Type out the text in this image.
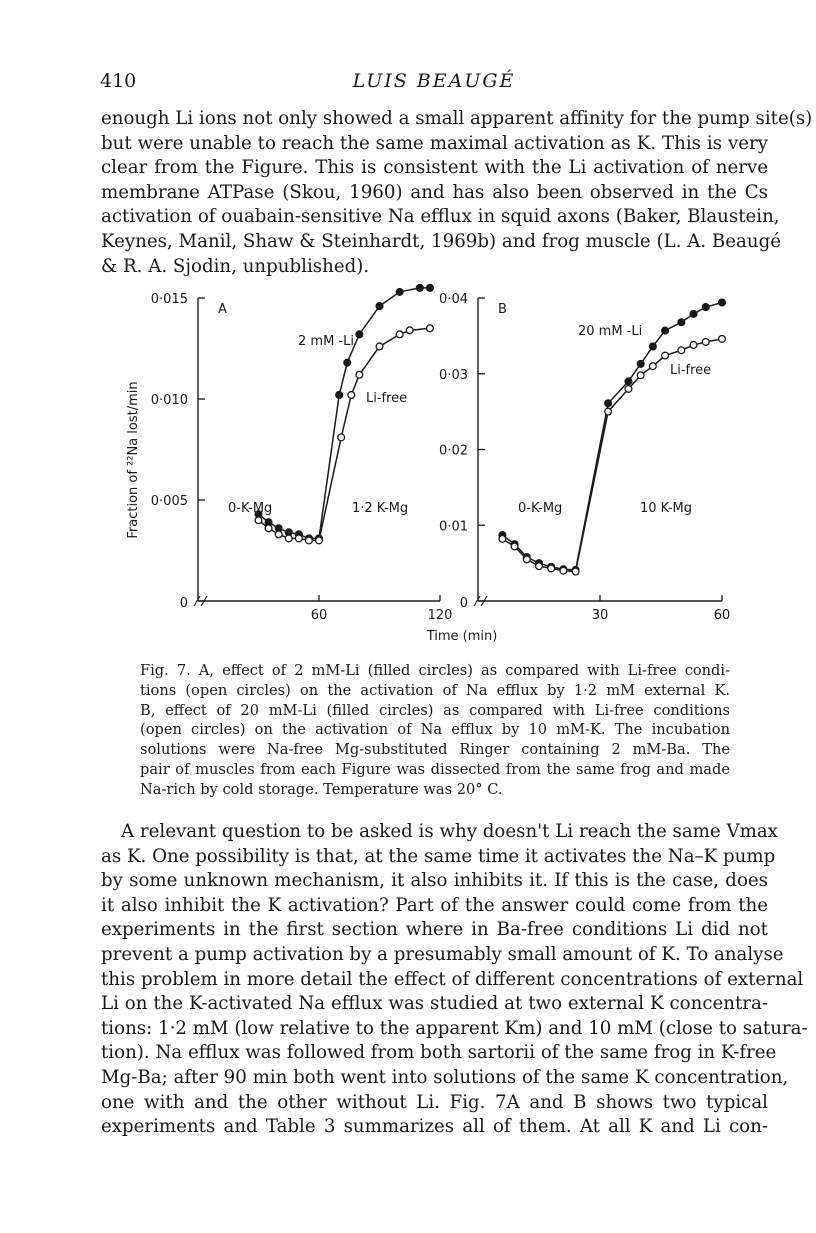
410	LUIS BEAUGÉ
enough Li ions not only showed a small apparent affinity for the pump site(s)
but were unable to reach the same maximal activation as K. This is very
clear from the Figure. This is consistent with the Li activation of nerve
membrane ATPase (Skou, 1960) and has also been observed in the Cs
activation of ouabain-sensitive Na efflux in squid axons (Baker, Blaustein,
Keynes, Manil, Shaw & Steinhardt, 1969b) and frog muscle (L. A. Beaugé
& R. A. Sjodin, unpublished).
0
0·005
0·010
0·015
60	120
A
2 mM -Li
Li-free
0-K-Mg	1·2 K-Mg
0
0·01
0·02
0·03
0·04
30	60
B
20 mM -Li
Li-free
0-K-Mg	10 K-Mg
Fraction of ²²Na lost/min
Time (min)
Fig. 7. A, effect of 2 mM-Li (filled circles) as compared with Li-free condi-
tions (open circles) on the activation of Na efflux by 1·2 mM external K.
B, effect of 20 mM-Li (filled circles) as compared with Li-free conditions
(open circles) on the activation of Na efflux by 10 mM-K. The incubation
solutions were Na-free Mg-substituted Ringer containing 2 mM-Ba. The
pair of muscles from each Figure was dissected from the same frog and made
Na-rich by cold storage. Temperature was 20° C.
A relevant question to be asked is why doesn't Li reach the same Vmax
as K. One possibility is that, at the same time it activates the Na–K pump
by some unknown mechanism, it also inhibits it. If this is the case, does
it also inhibit the K activation? Part of the answer could come from the
experiments in the first section where in Ba-free conditions Li did not
prevent a pump activation by a presumably small amount of K. To analyse
this problem in more detail the effect of different concentrations of external
Li on the K-activated Na efflux was studied at two external K concentra-
tions: 1·2 mM (low relative to the apparent Km) and 10 mM (close to satura-
tion). Na efflux was followed from both sartorii of the same frog in K-free
Mg-Ba; after 90 min both went into solutions of the same K concentration,
one with and the other without Li. Fig. 7A and B shows two typical
experiments and Table 3 summarizes all of them. At all K and Li con-
